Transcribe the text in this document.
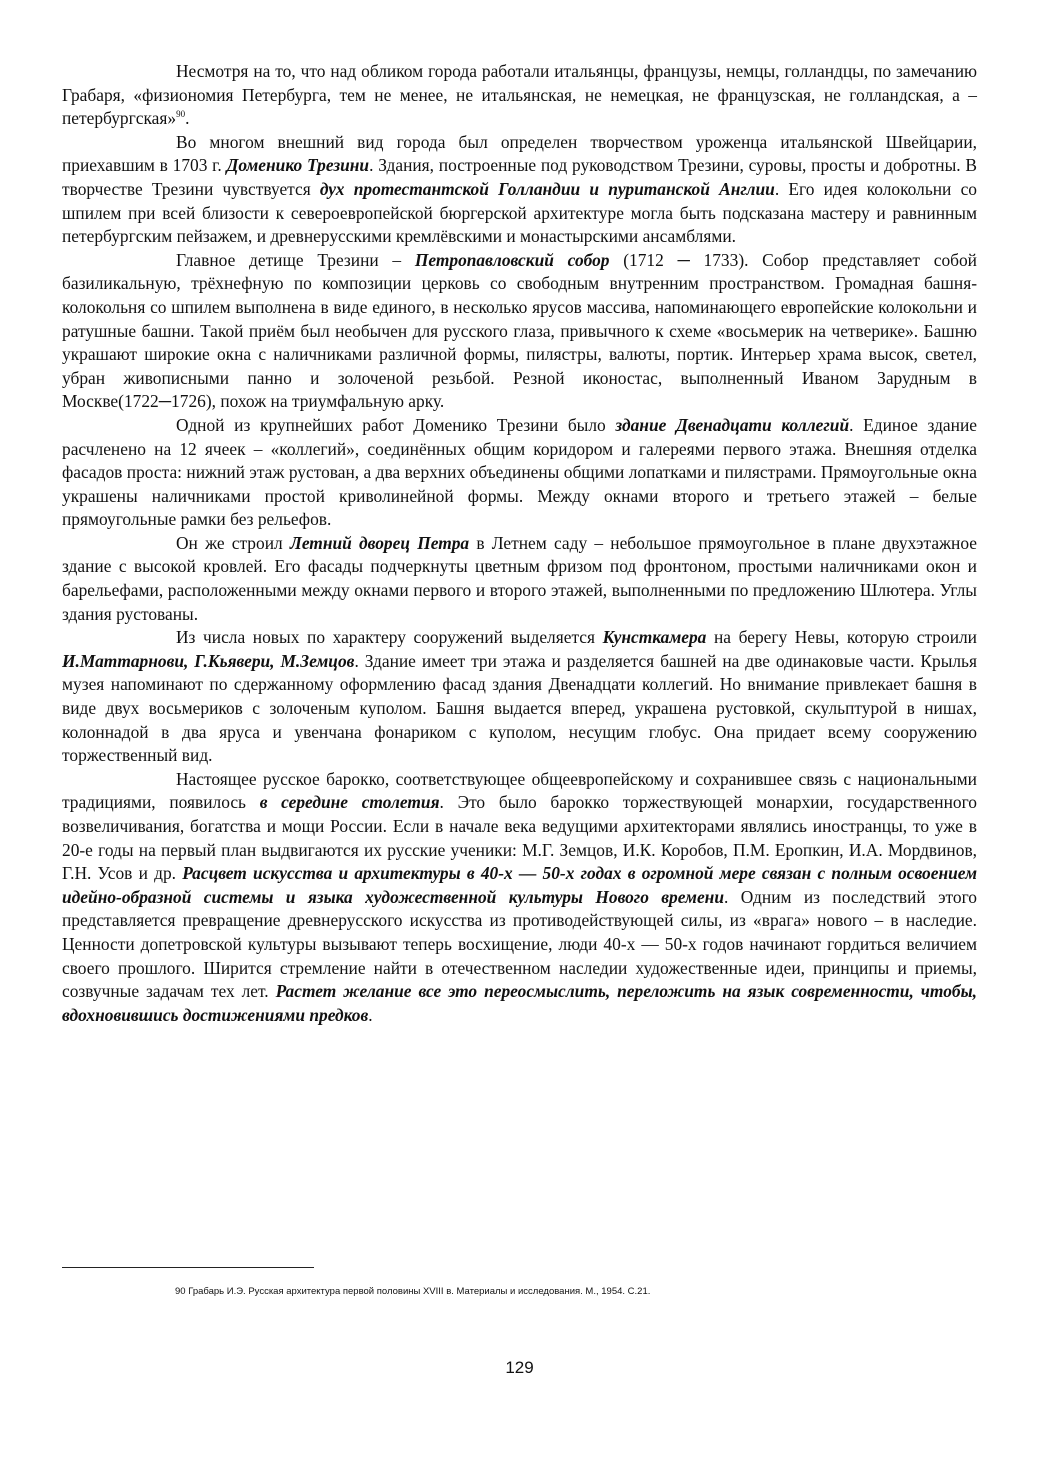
Несмотря на то, что над обликом города работали итальянцы, французы, немцы, голландцы, по замечанию Грабаря, «физиономия Петербурга, тем не менее, не итальянская, не немецкая, не французская, не голландская, а – петербургская»$^{90}$.

Во многом внешний вид города был определен творчеством уроженца итальянской Швейцарии, приехавшим в 1703 г. Доменико Трезини. Здания, построенные под руководством Трезини, суровы, просты и добротны. В творчестве Трезини чувствуется дух протестантской Голландии и пуританской Англии. Его идея колокольни со шпилем при всей близости к североевропейской бюргерской архитектуре могла быть подсказана мастеру и равнинным петербургским пейзажем, и древнерусскими кремлёвскими и монастырскими ансамблями.

Главное детище Трезини – Петропавловский собор (1712 ─ 1733). Собор представляет собой базиликальную, трёхнефную по композиции церковь со свободным внутренним пространством. Громадная башня-колокольня со шпилем выполнена в виде единого, в несколько ярусов массива, напоминающего европейские колокольни и ратушные башни. Такой приём был необычен для русского глаза, привычного к схеме «восьмерик на четверике». Башню украшают широкие окна с наличниками различной формы, пилястры, валюты, портик. Интерьер храма высок, светел, убран живописными панно и золоченой резьбой. Резной иконостас, выполненный Иваном Зарудным в Москве(1722─1726), похож на триумфальную арку.

Одной из крупнейших работ Доменико Трезини было здание Двенадцати коллегий. Единое здание расчленено на 12 ячеек – «коллегий», соединённых общим коридором и галереями первого этажа. Внешняя отделка фасадов проста: нижний этаж рустован, а два верхних объединены общими лопатками и пилястрами. Прямоугольные окна украшены наличниками простой криволинейной формы. Между окнами второго и третьего этажей – белые прямоугольные рамки без рельефов.

Он же строил Летний дворец Петра в Летнем саду – небольшое прямоугольное в плане двухэтажное здание с высокой кровлей. Его фасады подчеркнуты цветным фризом под фронтоном, простыми наличниками окон и барельефами, расположенными между окнами первого и второго этажей, выполненными по предложению Шлютера. Углы здания рустованы.

Из числа новых по характеру сооружений выделяется Кунсткамера на берегу Невы, которую строили И.Маттарнови, Г.Кьявери, М.Земцов. Здание имеет три этажа и разделяется башней на две одинаковые части. Крылья музея напоминают по сдержанному оформлению фасад здания Двенадцати коллегий. Но внимание привлекает башня в виде двух восьмериков с золоченым куполом. Башня выдается вперед, украшена рустовкой, скульптурой в нишах, колоннадой в два яруса и увенчана фонариком с куполом, несущим глобус. Она придает всему сооружению торжественный вид.

Настоящее русское барокко, соответствующее общеевропейскому и сохранившее связь с национальными традициями, появилось в середине столетия. Это было барокко торжествующей монархии, государственного возвеличивания, богатства и мощи России. Если в начале века ведущими архитекторами являлись иностранцы, то уже в 20-е годы на первый план выдвигаются их русские ученики: М.Г. Земцов, И.К. Коробов, П.М. Еропкин, И.А. Мордвинов, Г.Н. Усов и др. Расцвет искусства и архитектуры в 40-х — 50-х годах в огромной мере связан с полным освоением идейно-образной системы и языка художественной культуры Нового времени. Одним из последствий этого представляется превращение древнерусского искусства из противодействующей силы, из «врага» нового – в наследие. Ценности допетровской культуры вызывают теперь восхищение, люди 40-х — 50-х годов начинают гордиться величием своего прошлого. Ширится стремление найти в отечественном наследии художественные идеи, принципы и приемы, созвучные задачам тех лет. Растет желание все это переосмыслить, переложить на язык современности, чтобы, вдохновившись достижениями предков.

90 Грабарь И.Э. Русская архитектура первой половины XVIII в. Материалы и исследования. М., 1954. С.21.
129
